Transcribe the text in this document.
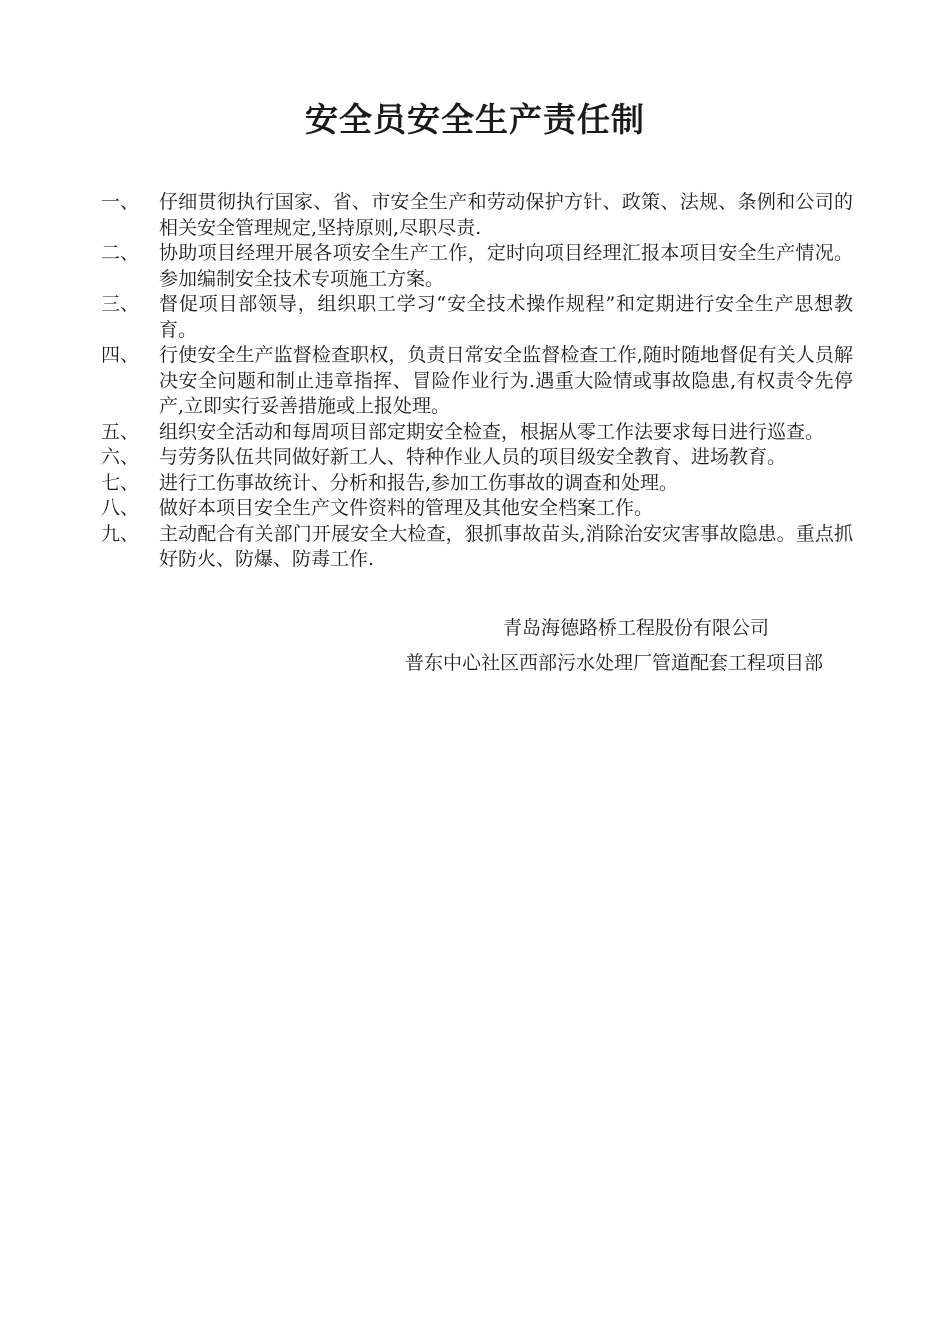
安全员安全生产责任制
一、	仔细贯彻执行国家、省、市安全生产和劳动保护方针、政策、法规、条例和公司的相关安全管理规定,坚持原则,尽职尽责.
二、	协助项目经理开展各项安全生产工作，定时向项目经理汇报本项目安全生产情况。参加编制安全技术专项施工方案。
三、	督促项目部领导，组织职工学习“安全技术操作规程”和定期进行安全生产思想教育。
四、	行使安全生产监督检查职权，负责日常安全监督检查工作,随时随地督促有关人员解决安全问题和制止违章指挥、冒险作业行为.遇重大险情或事故隐患,有权责令先停产,立即实行妥善措施或上报处理。
五、	组织安全活动和每周项目部定期安全检查，根据从零工作法要求每日进行巡查。
六、	与劳务队伍共同做好新工人、特种作业人员的项目级安全教育、进场教育。
七、	进行工伤事故统计、分析和报告,参加工伤事故的调查和处理。
八、	做好本项目安全生产文件资料的管理及其他安全档案工作。
九、	主动配合有关部门开展安全大检查，狠抓事故苗头,消除治安灾害事故隐患。重点抓好防火、防爆、防毒工作.
青岛海德路桥工程股份有限公司
普东中心社区西部污水处理厂管道配套工程项目部
